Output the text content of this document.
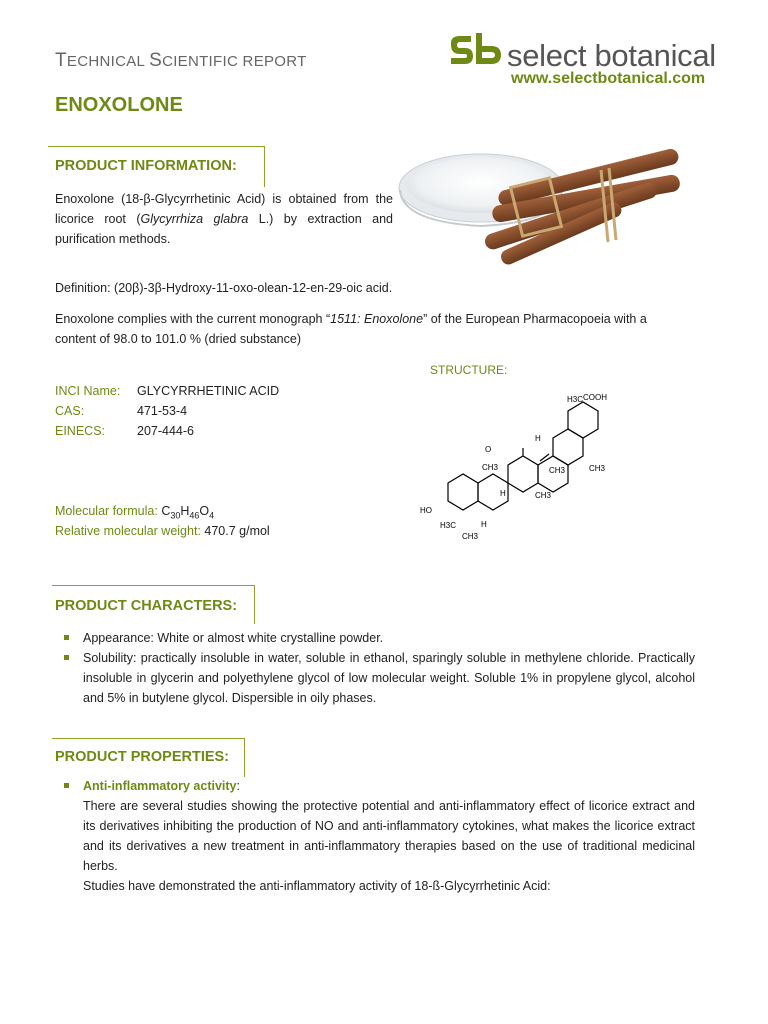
TECHNICAL SCIENTIFIC REPORT
ENOXOLONE
select botanical
www.selectbotanical.com
PRODUCT INFORMATION:

Enoxolone (18-β-Glycyrrhetinic Acid) is obtained from the licorice root (Glycyrrhiza glabra L.) by extraction and purification methods.

Definition: (20β)-3β-Hydroxy-11-oxo-olean-12-en-29-oic acid.

Enoxolone complies with the current monograph “1511: Enoxolone” of the European Pharmacopoeia with a content of 98.0 to 101.0 % (dried substance)

STRUCTURE:
INCI Name: GLYCYRRHETINIC ACID
CAS:	471-53-4
EINECS:	207-444-6
Molecular formula: $C_{30}H_{46}O_4$
Relative molecular weight: 470.7 g/mol
H3C COOH
H
O
CH3	CH3	CH3
H	CH3
HO
H3C	H
CH3
PRODUCT CHARACTERS:
Appearance: White or almost white crystalline powder.
Solubility: practically insoluble in water, soluble in ethanol, sparingly soluble in methylene chloride. Practically insoluble in glycerin and polyethylene glycol of low molecular weight. Soluble 1% in propylene glycol, alcohol and 5% in butylene glycol. Dispersible in oily phases.
PRODUCT PROPERTIES:
Anti-inflammatory activity:
There are several studies showing the protective potential and anti-inflammatory effect of licorice extract and its derivatives inhibiting the production of NO and anti-inflammatory cytokines, what makes the licorice extract and its derivatives a new treatment in anti-inflammatory therapies based on the use of traditional medicinal herbs.
Studies have demonstrated the anti-inflammatory activity of 18-ß-Glycyrrhetinic Acid:
